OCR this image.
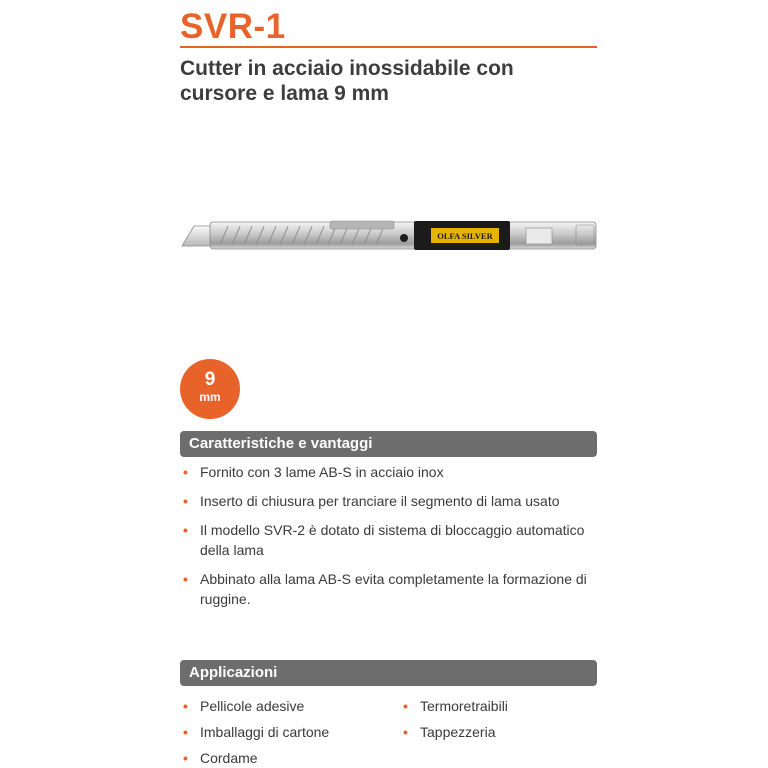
SVR-1
Cutter in acciaio inossidabile con
cursore e lama 9 mm
OLFA SILVER
9
mm
Caratteristiche e vantaggi
• Fornito con 3 lame AB-S in acciaio inox
• Inserto di chiusura per tranciare il segmento di lama usato
• Il modello SVR-2 è dotato di sistema di bloccaggio automatico della lama
• Abbinato alla lama AB-S evita completamente la formazione di ruggine.
Applicazioni
• Pellicole adesive
• Imballaggi di cartone
• Cordame
• Termoretraibili
• Tappezzeria
